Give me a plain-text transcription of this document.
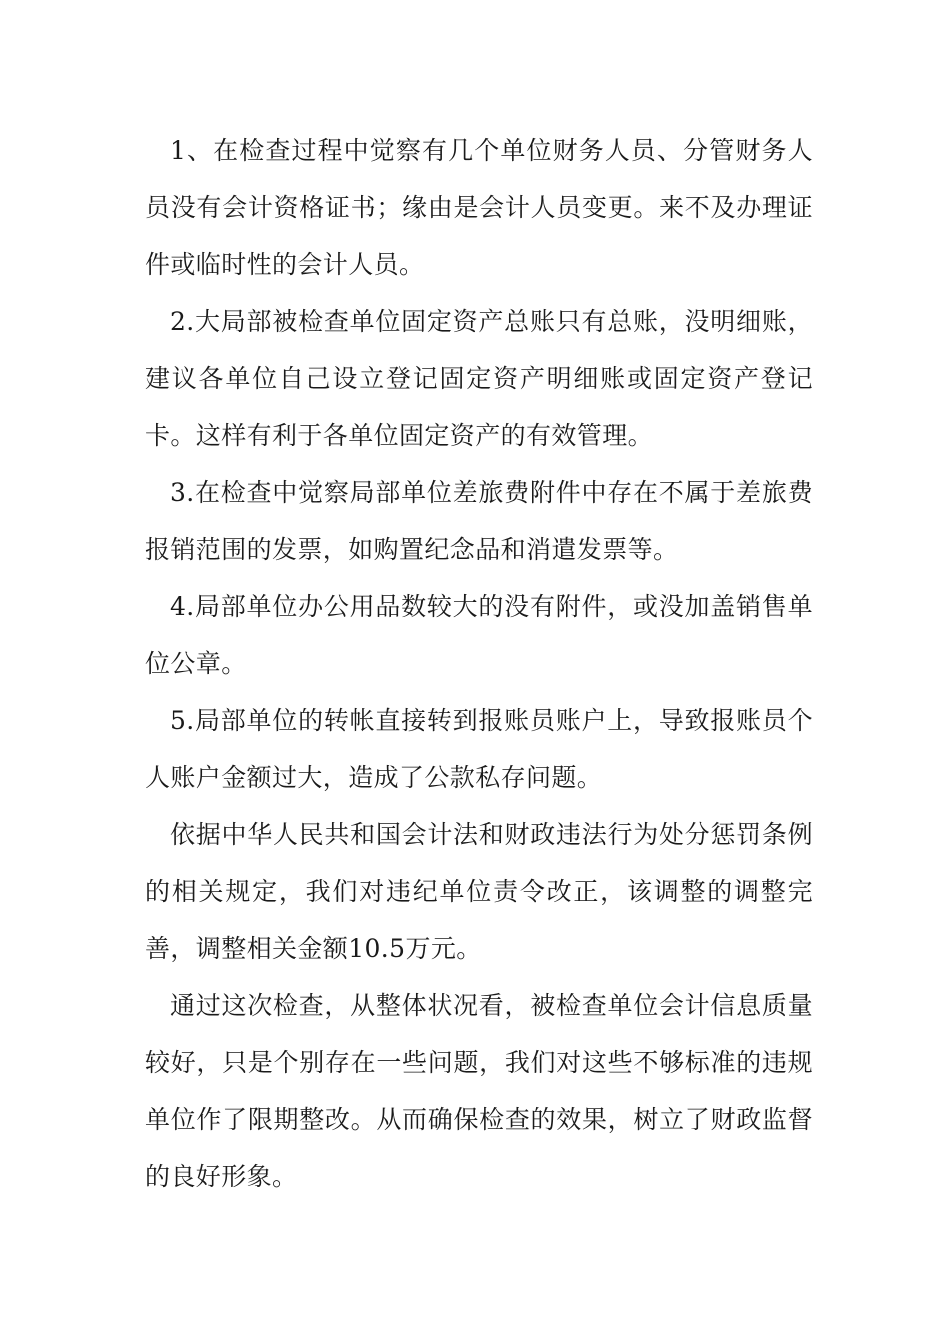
1、在检查过程中觉察有几个单位财务人员、分管财务人员没有会计资格证书；缘由是会计人员变更。来不及办理证件或临时性的会计人员。

2.大局部被检查单位固定资产总账只有总账，没明细账，建议各单位自己设立登记固定资产明细账或固定资产登记卡。这样有利于各单位固定资产的有效管理。

3.在检查中觉察局部单位差旅费附件中存在不属于差旅费报销范围的发票，如购置纪念品和消遣发票等。

4.局部单位办公用品数较大的没有附件，或没加盖销售单位公章。

5.局部单位的转帐直接转到报账员账户上，导致报账员个人账户金额过大，造成了公款私存问题。

依据中华人民共和国会计法和财政违法行为处分惩罚条例的相关规定，我们对违纪单位责令改正，该调整的调整完善，调整相关金额10.5万元。

通过这次检查，从整体状况看，被检查单位会计信息质量较好，只是个别存在一些问题，我们对这些不够标准的违规单位作了限期整改。从而确保检查的效果，树立了财政监督的良好形象。
